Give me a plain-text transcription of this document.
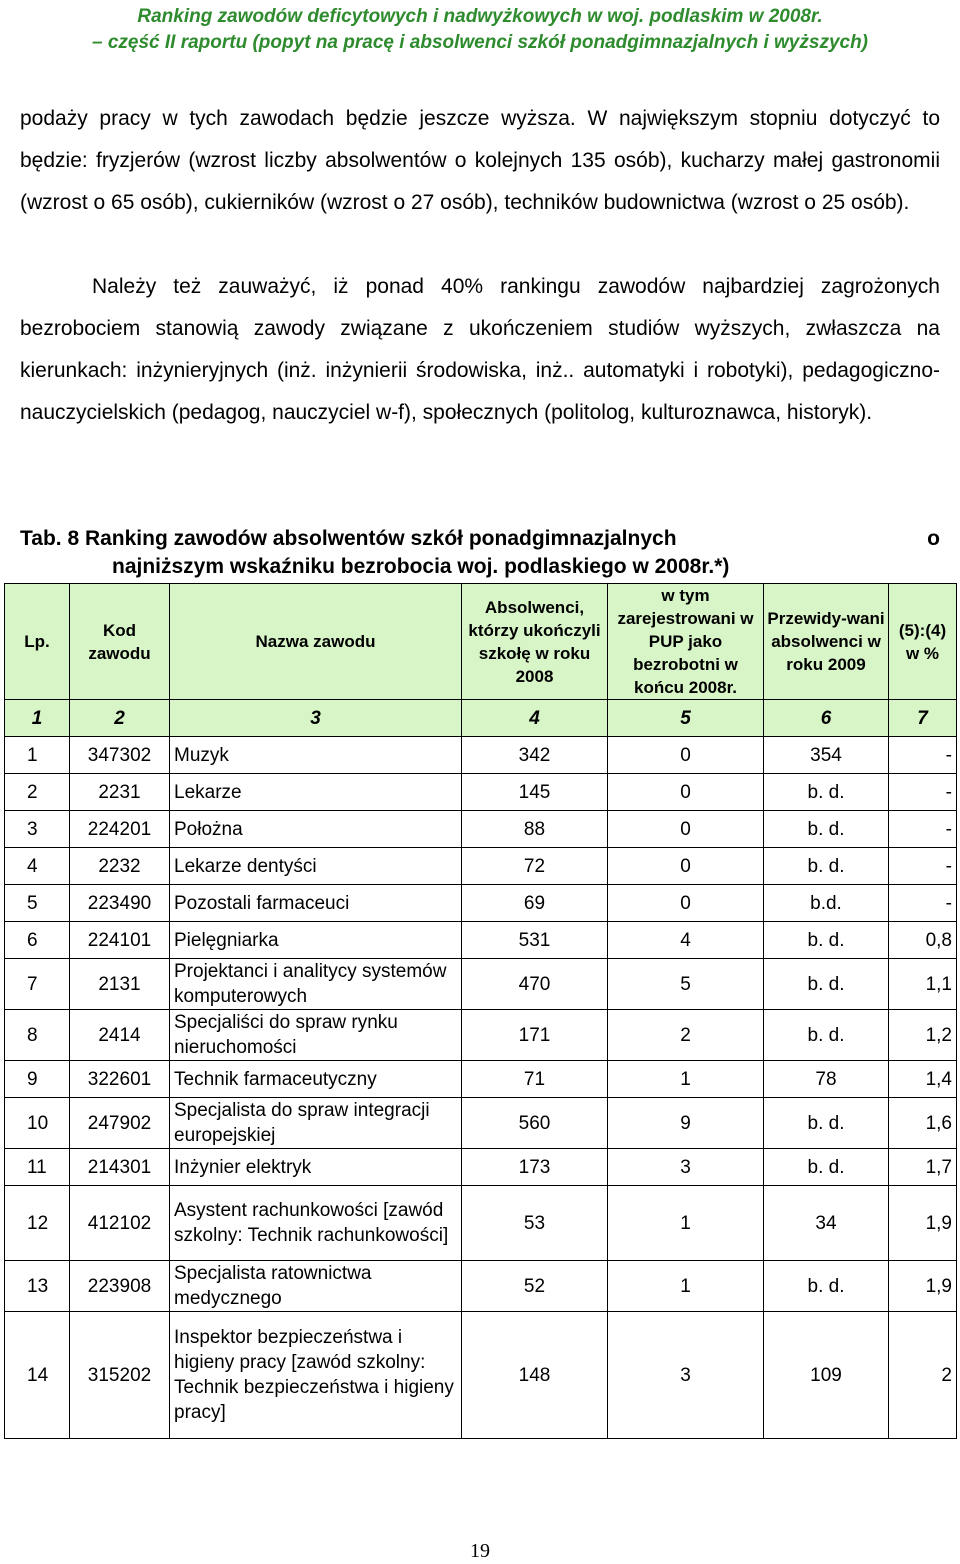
Ranking zawodów deficytowych i nadwyżkowych w woj. podlaskim w 2008r.
– część II raportu (popyt na pracę i absolwenci szkół ponadgimnazjalnych i wyższych)
podaży pracy w tych zawodach będzie jeszcze wyższa. W największym stopniu dotyczyć to będzie: fryzjerów (wzrost liczby absolwentów o kolejnych 135 osób), kucharzy małej gastronomii (wzrost o 65 osób), cukierników (wzrost o 27 osób), techników budownictwa (wzrost o 25 osób).
Należy też zauważyć, iż ponad 40% rankingu zawodów najbardziej zagrożonych bezrobociem stanowią zawody związane z ukończeniem studiów wyższych, zwłaszcza na kierunkach: inżynieryjnych (inż. inżynierii środowiska, inż.. automatyki i robotyki), pedagogiczno-nauczycielskich (pedagog, nauczyciel w-f), społecznych (politolog, kulturoznawca, historyk).
Tab. 8 Ranking zawodów absolwentów szkół ponadgimnazjalnych	o
najniższym wskaźniku bezrobocia woj. podlaskiego w 2008r.*)
Lp.	Kod zawodu	Nazwa zawodu	Absolwenci, którzy ukończyli szkołę w roku 2008	w tym zarejestrowani w PUP jako bezrobotni w końcu 2008r.	Przewidy-wani absolwenci w roku 2009	(5):(4) w %
1	2	3	4	5	6	7
1	347302	Muzyk	342	0	354	-
2	2231	Lekarze	145	0	b. d.	-
3	224201	Położna	88	0	b. d.	-
4	2232	Lekarze dentyści	72	0	b. d.	-
5	223490	Pozostali farmaceuci	69	0	b.d.	-
6	224101	Pielęgniarka	531	4	b. d.	0,8
7	2131	Projektanci i analitycy systemów komputerowych	470	5	b. d.	1,1
8	2414	Specjaliści do spraw rynku nieruchomości	171	2	b. d.	1,2
9	322601	Technik farmaceutyczny	71	1	78	1,4
10	247902	Specjalista do spraw integracji europejskiej	560	9	b. d.	1,6
11	214301	Inżynier elektryk	173	3	b. d.	1,7
12	412102	Asystent rachunkowości [zawód szkolny: Technik rachunkowości]	53	1	34	1,9
13	223908	Specjalista ratownictwa medycznego	52	1	b. d.	1,9
14	315202	Inspektor bezpieczeństwa i higieny pracy [zawód szkolny: Technik bezpieczeństwa i higieny pracy]	148	3	109	2
19
